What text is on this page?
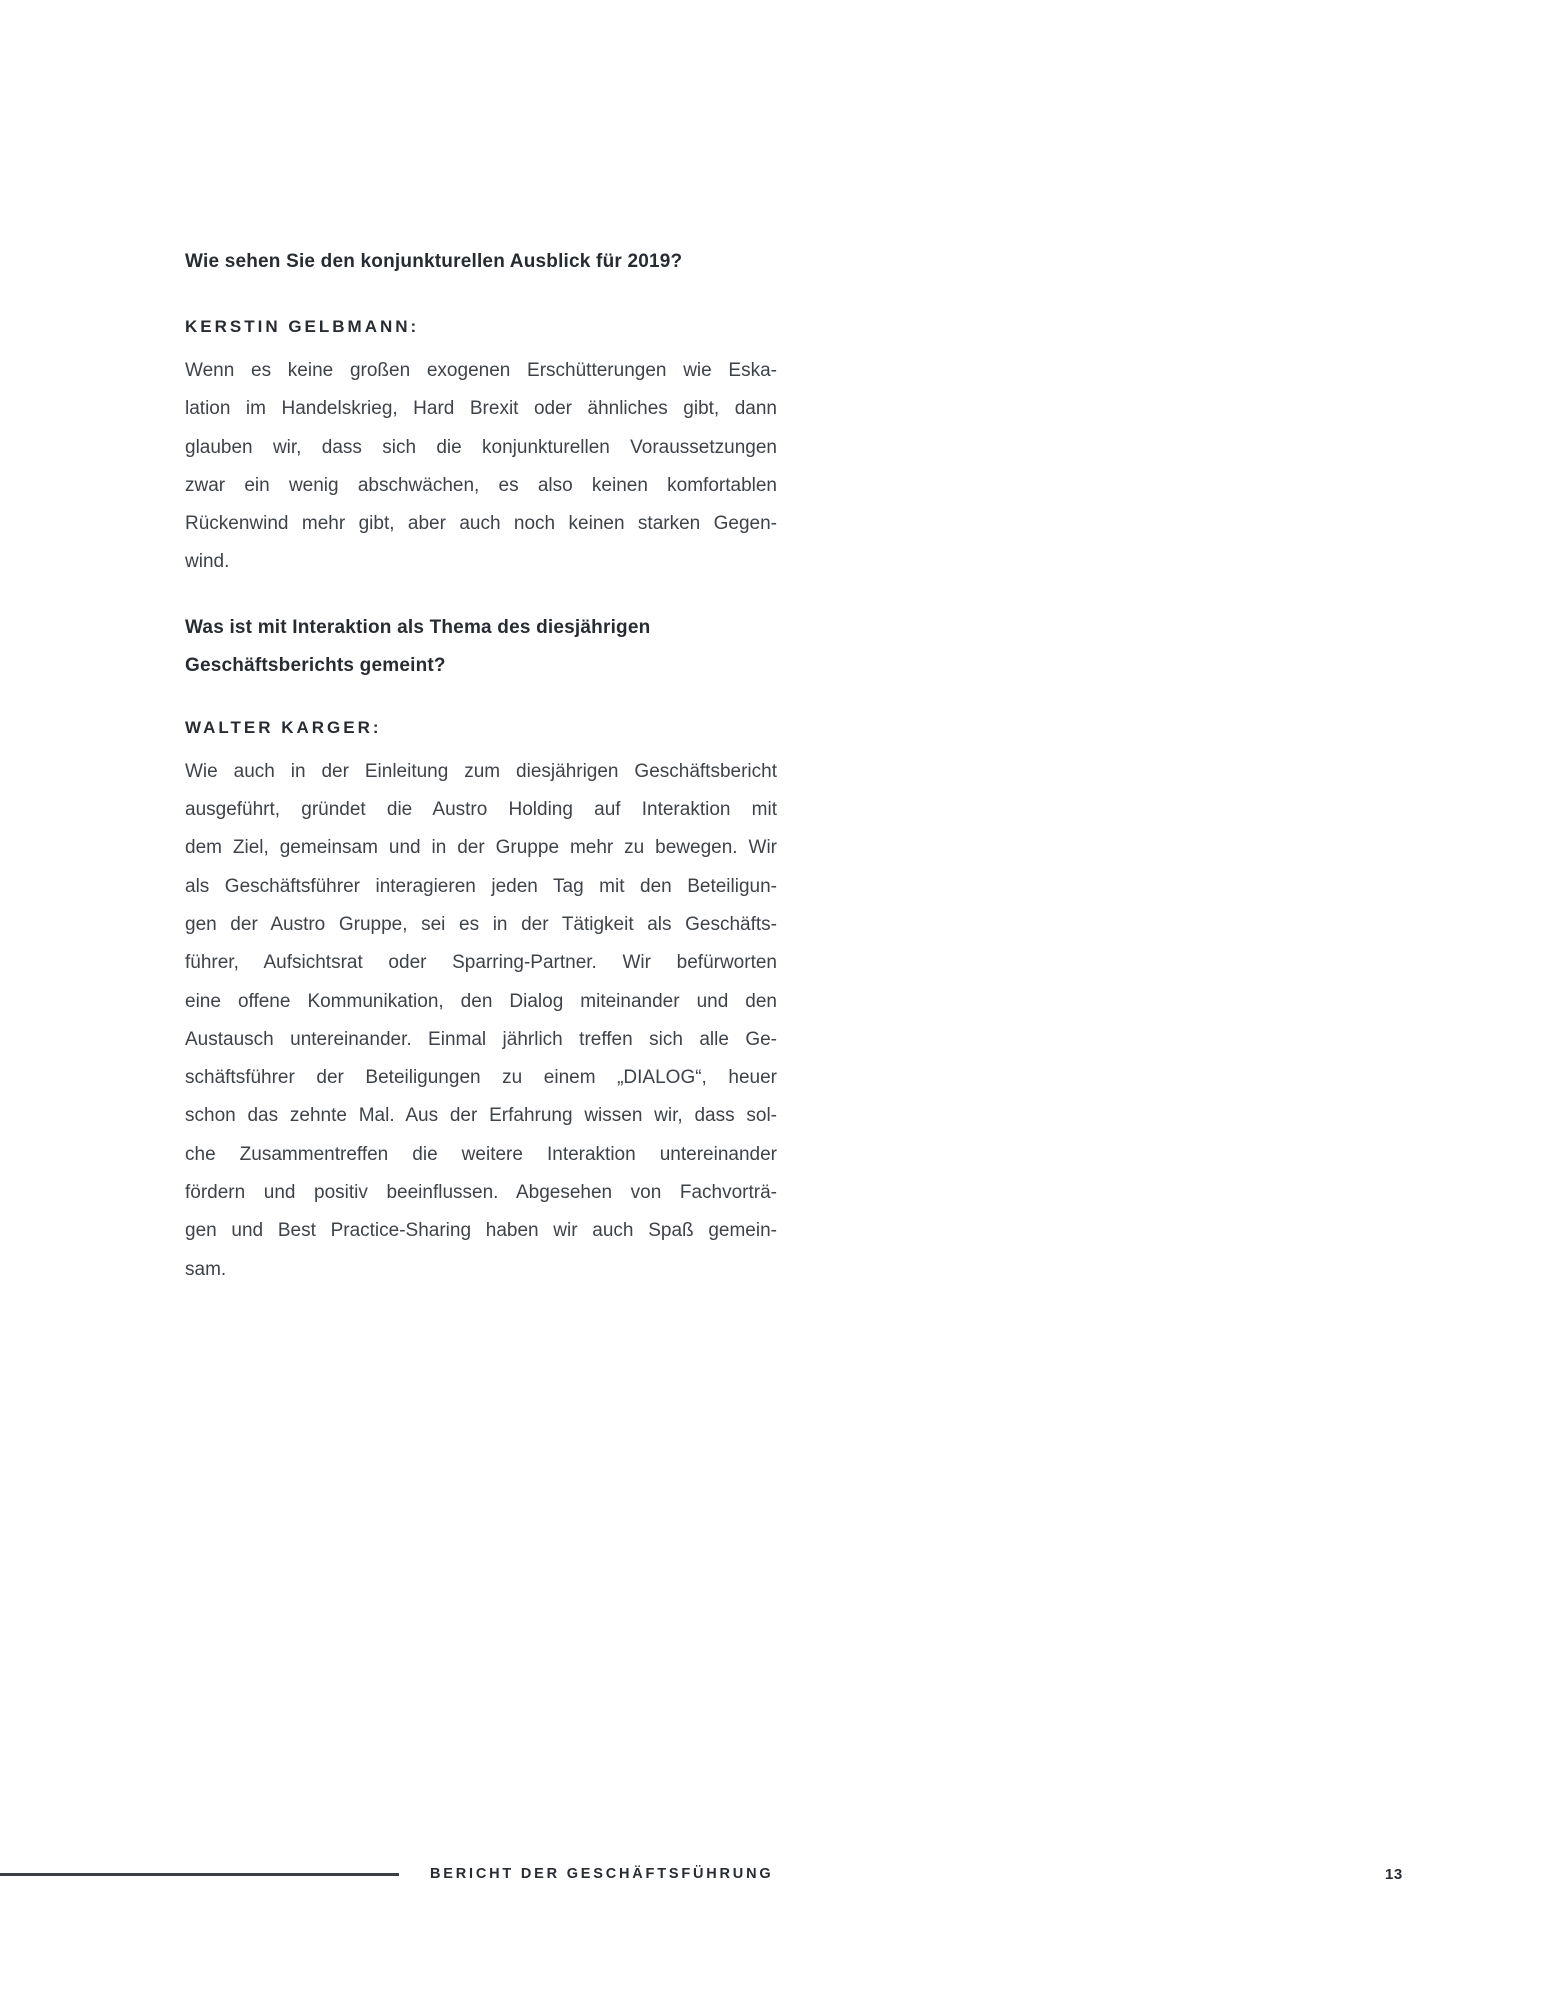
Wie sehen Sie den konjunkturellen Ausblick für 2019?
KERSTIN GELBMANN:
Wenn es keine großen exogenen Erschütterungen wie Eska-
lation im Handelskrieg, Hard Brexit oder ähnliches gibt, dann
glauben wir, dass sich die konjunkturellen Voraussetzungen
zwar ein wenig abschwächen, es also keinen komfortablen
Rückenwind mehr gibt, aber auch noch keinen starken Gegen-
wind.
Was ist mit Interaktion als Thema des diesjährigen
Geschäftsberichts gemeint?
WALTER KARGER:
Wie auch in der Einleitung zum diesjährigen Geschäftsbericht
ausgeführt, gründet die Austro Holding auf Interaktion mit
dem Ziel, gemeinsam und in der Gruppe mehr zu bewegen. Wir
als Geschäftsführer interagieren jeden Tag mit den Beteiligun-
gen der Austro Gruppe, sei es in der Tätigkeit als Geschäfts-
führer, Aufsichtsrat oder Sparring-Partner. Wir befürworten
eine offene Kommunikation, den Dialog miteinander und den
Austausch untereinander. Einmal jährlich treffen sich alle Ge-
schäftsführer der Beteiligungen zu einem „DIALOG“, heuer
schon das zehnte Mal. Aus der Erfahrung wissen wir, dass sol-
che Zusammentreffen die weitere Interaktion untereinander
fördern und positiv beeinflussen. Abgesehen von Fachvorträ-
gen und Best Practice-Sharing haben wir auch Spaß gemein-
sam.
BERICHT DER GESCHÄFTSFÜHRUNG	13
